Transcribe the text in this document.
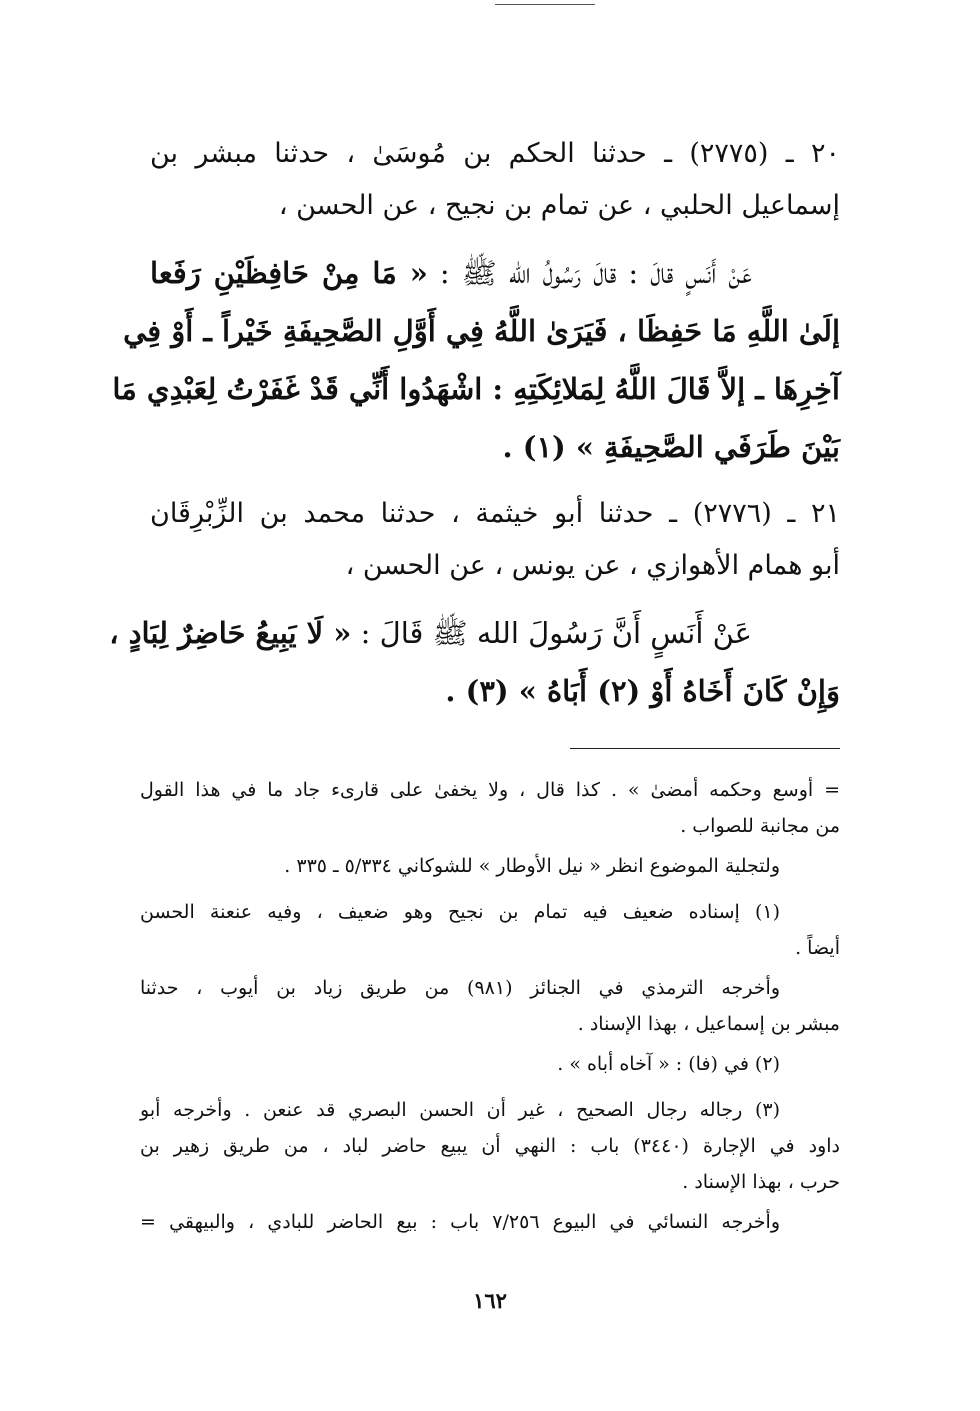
٢٠ ـ (٢٧٧٥) ـ حدثنا الحكم بن مُوسَىٰ ، حدثنا مبشر بن
إسماعيل الحلبي ، عن تمام بن نجيح ، عن الحسن ،
عَنْ أَنَسٍ قالَ : قالَ رَسُولُ الله ﷺ : « مَا مِنْ حَافِظَيْنِ رَفَعا
إلَىٰ اللَّهِ مَا حَفِظَا ، فَيَرَىٰ اللَّهُ فِي أَوَّلِ الصَّحِيفَةِ خَيْراً ـ أَوْ فِي
آخِرِهَا ـ إلاَّ قَالَ اللَّهُ لِمَلائِكَتِهِ : اشْهَدُوا أَنِّي قَدْ غَفَرْتُ لِعَبْدِي مَا
بَيْنَ طَرَفَي الصَّحِيفَةِ » (١) .
٢١ ـ (٢٧٧٦) ـ حدثنا أبو خيثمة ، حدثنا محمد بن الزِّبْرِقَان
أبو همام الأهوازي ، عن يونس ، عن الحسن ،
عَنْ أَنَسٍ أَنَّ رَسُولَ الله ﷺ قَالَ : « لَا يَبِيعُ حَاضِرٌ لِبَادٍ ،
وَإِنْ كَانَ أَخَاهُ أَوْ (٢) أَبَاهُ » (٣) .
= أوسع وحكمه أمضىٰ » . كذا قال ، ولا يخفىٰ على قارىء جاد ما في هذا القول
من مجانبة للصواب .
ولتجلية الموضوع انظر « نيل الأوطار » للشوكاني ٥/٣٣٤ ـ ٣٣٥ .
(١) إسناده ضعيف فيه تمام بن نجيح وهو ضعيف ، وفيه عنعنة الحسن
أيضاً .
وأخرجه الترمذي في الجنائز (٩٨١) من طريق زياد بن أيوب ، حدثنا
مبشر بن إسماعيل ، بهذا الإسناد .
(٢) في (فا) : « آخاه أباه » .
(٣) رجاله رجال الصحيح ، غير أن الحسن البصري قد عنعن . وأخرجه أبو
داود في الإجارة (٣٤٤٠) باب : النهي أن يبيع حاضر لباد ، من طريق زهير بن
حرب ، بهذا الإسناد .
وأخرجه النسائي في البيوع ٧/٢٥٦ باب : بيع الحاضر للبادي ، والبيهقي =
١٦٢
